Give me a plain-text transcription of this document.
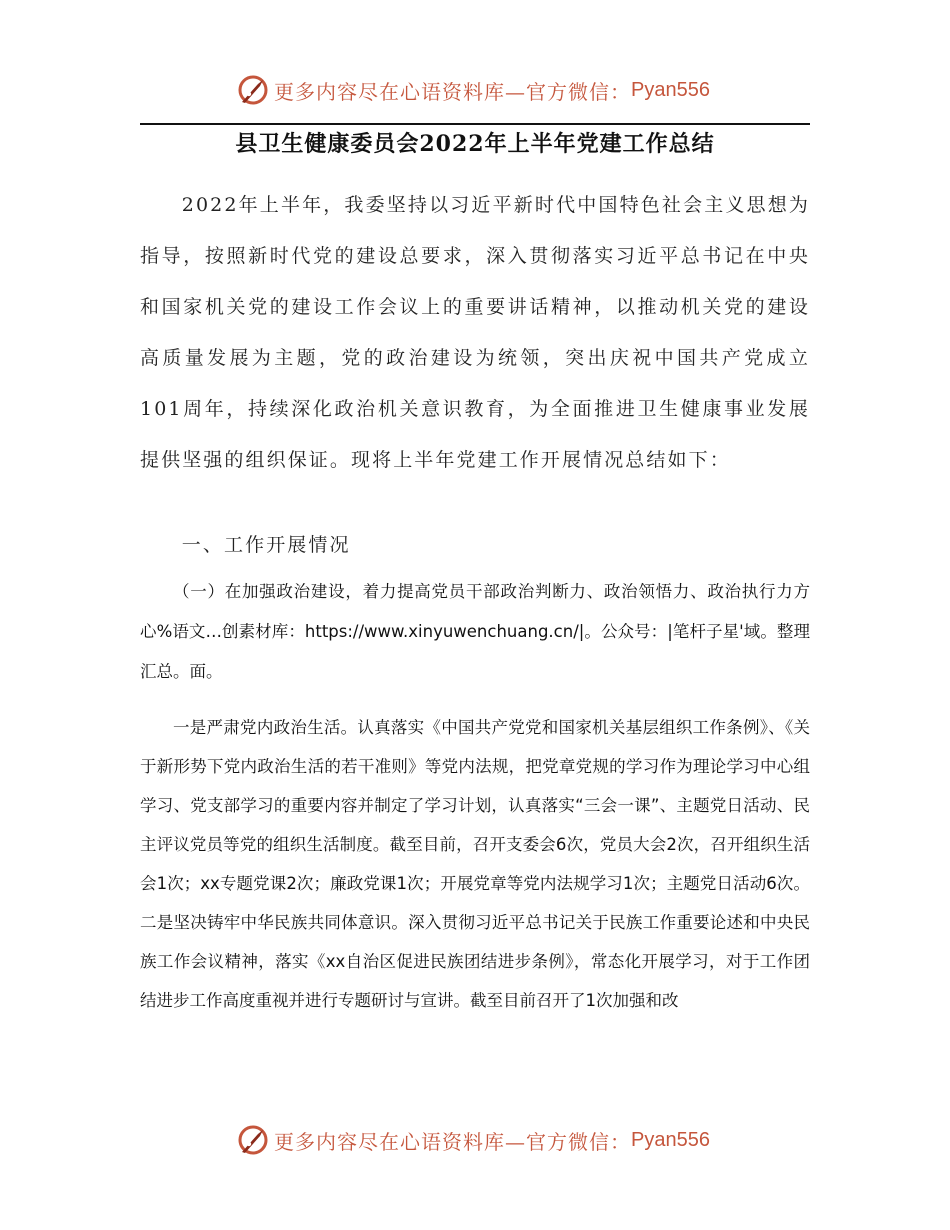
更多内容尽在心语资料库—官方微信： Pyan556
县卫生健康委员会2022年上半年党建工作总结
2022年上半年，我委坚持以习近平新时代中国特色社会主义思想为指导，按照新时代党的建设总要求，深入贯彻落实习近平总书记在中央和国家机关党的建设工作会议上的重要讲话精神，以推动机关党的建设高质量发展为主题，党的政治建设为统领，突出庆祝中国共产党成立101周年，持续深化政治机关意识教育，为全面推进卫生健康事业发展提供坚强的组织保证。现将上半年党建工作开展情况总结如下：
一、工作开展情况
（一）在加强政治建设，着力提高党员干部政治判断力、政治领悟力、政治执行力方心%语文…创素材库：https://www.xinyuwenchuang.cn/|。公众号：|笔杆子星'域。整理汇总。面。
一是严肃党内政治生活。认真落实《中国共产党党和国家机关基层组织工作条例》、《关于新形势下党内政治生活的若干准则》等党内法规，把党章党规的学习作为理论学习中心组学习、党支部学习的重要内容并制定了学习计划，认真落实“三会一课”、主题党日活动、民主评议党员等党的组织生活制度。截至目前，召开支委会6次，党员大会2次，召开组织生活会1次；xx专题党课2次；廉政党课1次；开展党章等党内法规学习1次；主题党日活动6次。二是坚决铸牢中华民族共同体意识。深入贯彻习近平总书记关于民族工作重要论述和中央民族工作会议精神，落实《xx自治区促进民族团结进步条例》，常态化开展学习，对于工作团结进步工作高度重视并进行专题研讨与宣讲。截至目前召开了1次加强和改
更多内容尽在心语资料库—官方微信： Pyan556
